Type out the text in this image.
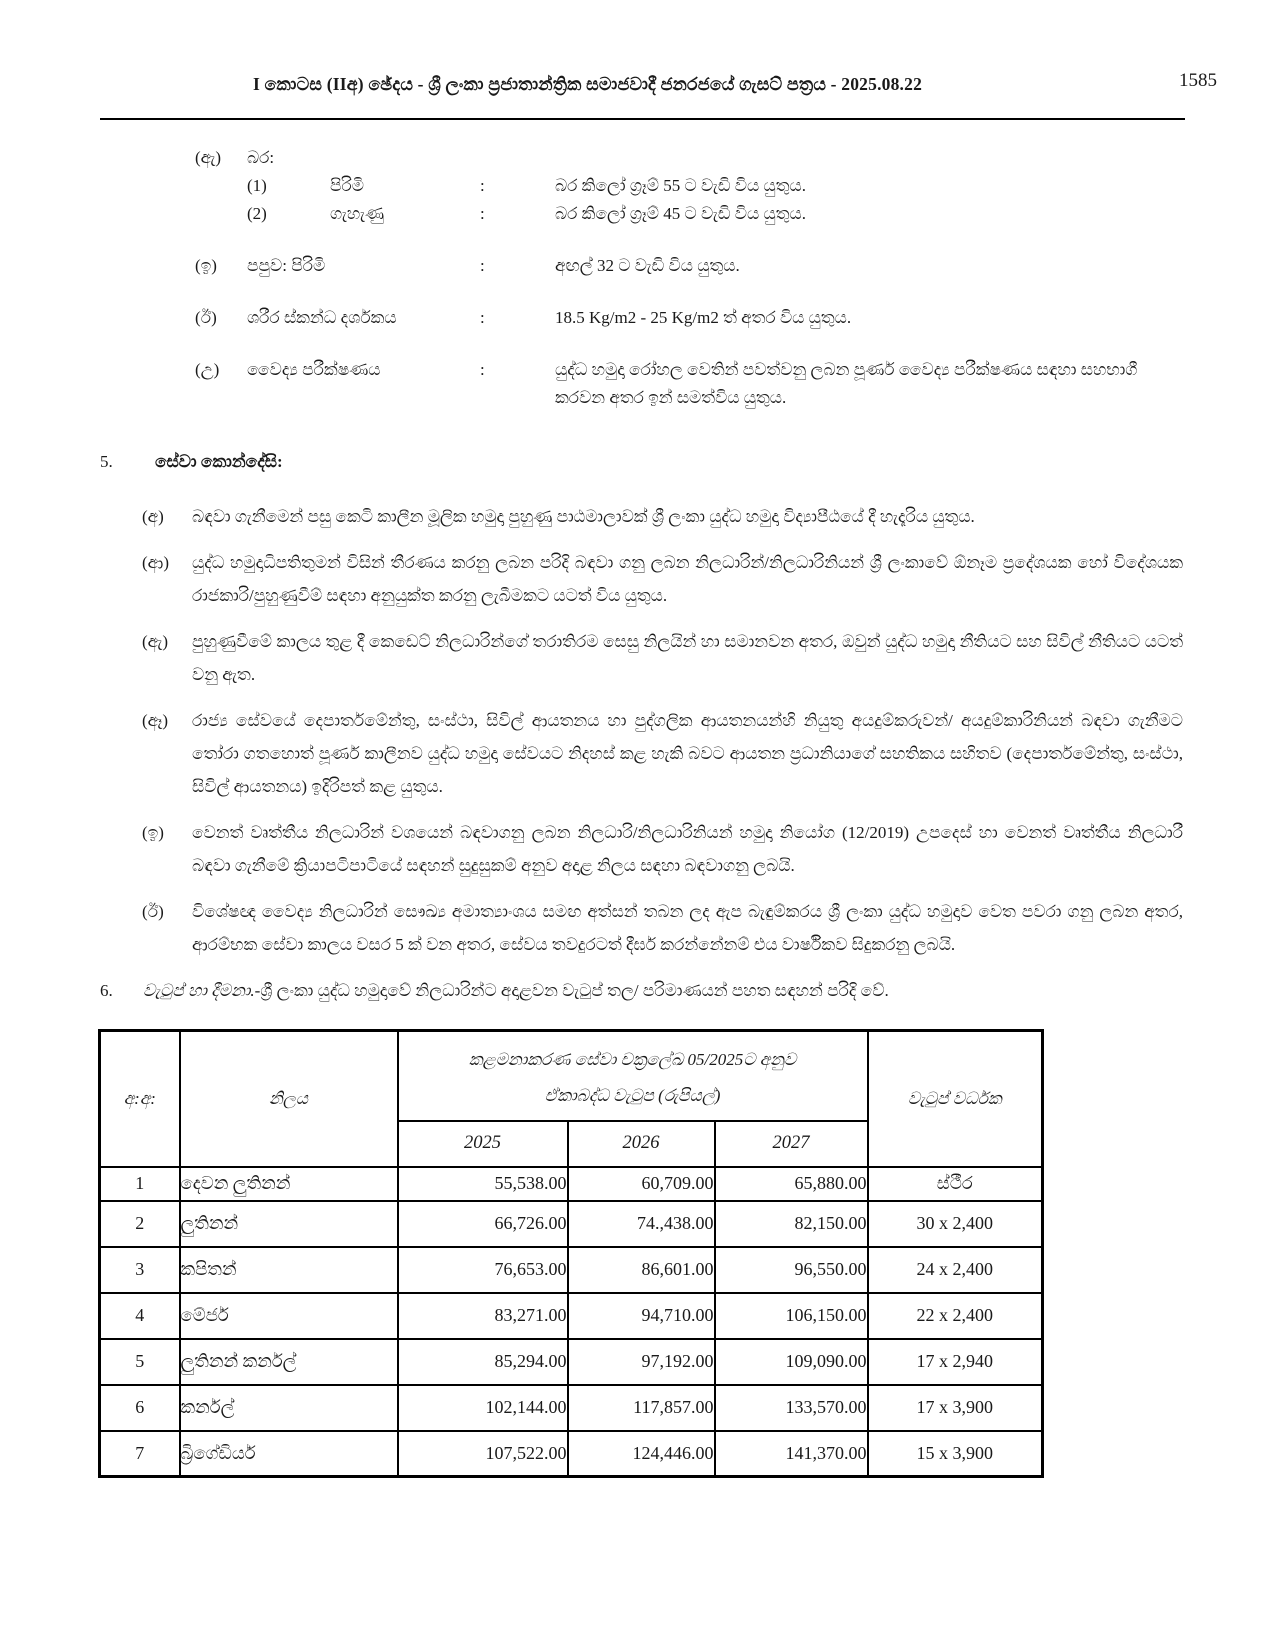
I කොටස (IIඅ) ඡේදය - ශ්‍රී ලංකා ප්‍රජාතාන්ත්‍රික සමාජවාදී ජනරජයේ ගැසට් පත්‍රය - 2025.08.22	1585
(ඇ)	බර:
(1)	පිරිමි	:	බර කිලෝ ග්‍රෑම් 55 ට වැඩි විය යුතුය.
(2)	ගැහැණු	:	බර කිලෝ ග්‍රෑම් 45 ට වැඩි විය යුතුය.
(ඉ)	පපුව: පිරිමි	:	අඟල් 32 ට වැඩි විය යුතුය.
(ඊ)	ශරීර ස්කන්ධ දර්ශකය	:	18.5 Kg/m2 - 25 Kg/m2 ත් අතර විය යුතුය.
(උ)	වෛද්‍ය පරීක්ෂණය	:	යුද්ධ හමුදා රෝහල වෙතින් පවත්වනු ලබන පූර්ණ වෛද්‍ය පරීක්ෂණය සඳහා සහභාගී කරවන අතර ඉන් සමත්විය යුතුය.
5. සේවා කොන්දේසි:
(අ)	බඳවා ගැනීමෙන් පසු කෙටි කාලීන මූලික හමුදා පුහුණු පාඨමාලාවක් ශ්‍රී ලංකා යුද්ධ හමුදා විද්‍යාපීඨයේ දී හැදෑරිය යුතුය.
(ආ)	යුද්ධ හමුදාධිපතිතුමන් විසින් තීරණය කරනු ලබන පරිදි බඳවා ගනු ලබන නිලධාරින්/නිලධාරිනියන් ශ්‍රී ලංකාවේ ඕනෑම ප්‍රදේශයක හෝ විදේශයක රාජකාරි/පුහුණුවීම් සඳහා අනුයුක්ත කරනු ලැබීමකට යටත් විය යුතුය.
(ඇ)	පුහුණුවීමේ කාලය තුළ දී කෙඩෙට් නිලධාරින්ගේ තරාතිරම සෙසු නිලයින් හා සමානවන අතර, ඔවුන් යුද්ධ හමුදා නීතියට සහ සිවිල් නීතියට යටත් වනු ඇත.
(ඈ)	රාජ්‍ය සේවයේ දෙපාර්තමේන්තු, සංස්ථා, සිවිල් ආයතනය හා පුද්ගලික ආයතනයන්හි නියුතු අයදුම්කරුවන්/ අයදුම්කාරිනියන් බඳවා ගැනීමට තෝරා ගතහොත් පූර්ණ කාලීනව යුද්ධ හමුදා සේවයට නිදහස් කළ හැකි බවට ආයතන ප්‍රධානියාගේ සහතිකය සහිතව (දෙපාර්තමේන්තු, සංස්ථා, සිවිල් ආයතනය) ඉදිරිපත් කළ යුතුය.
(ඉ)	වෙනත් වෘත්තීය නිලධාරින් වශයෙන් බඳවාගනු ලබන නිලධාරි/නිලධාරිනියන් හමුදා නියෝග (12/2019) උපදෙස් හා වෙනත් වෘත්තීය නිලධාරී බඳවා ගැනීමේ ක්‍රියාපටිපාටියේ සඳහන් සුදුසුකම් අනුව අදාළ නිලය සඳහා බඳවාගනු ලබයි.
(ඊ)	විශේෂඥ වෛද්‍ය නිලධාරින් සෞඛ්‍ය අමාත්‍යාංශය සමඟ අත්සන් තබන ලද ඇප බැඳුම්කරය ශ්‍රී ලංකා යුද්ධ හමුදාව වෙත පවරා ගනු ලබන අතර, ආරම්භක සේවා කාලය වසර 5 ක් වන අතර, සේවය තවදුරටත් දීර්ඝ කරන්නේනම් එය වාර්ෂිකව සිදුකරනු ලබයි.
6. වැටුප් හා දීමනා.-ශ්‍රී ලංකා යුද්ධ හමුදාවේ නිලධාරින්ට අදාළවන වැටුප් තල/ පරිමාණයන් පහත සඳහන් පරිදි වේ.
අ:අ:	නිලය	කළමනාකරණ සේවා චක්‍රලේඛ 05/2025ට අනුව
ඒකාබද්ධ වැටුප (රුපියල්)			වැටුප් වර්ධක
		2025	2026	2027	
1	දෙවන ලුතිනන්	55,538.00	60,709.00	65,880.00	ස්ථීර
2	ලුතිනන්	66,726.00	74.,438.00	82,150.00	30 x 2,400
3	කපිතන්	76,653.00	86,601.00	96,550.00	24 x 2,400
4	මේජර්	83,271.00	94,710.00	106,150.00	22 x 2,400
5	ලුතිනන් කර්නල්	85,294.00	97,192.00	109,090.00	17 x 2,940
6	කර්නල්	102,144.00	117,857.00	133,570.00	17 x 3,900
7	බ්‍රිගේඩියර්	107,522.00	124,446.00	141,370.00	15 x 3,900
